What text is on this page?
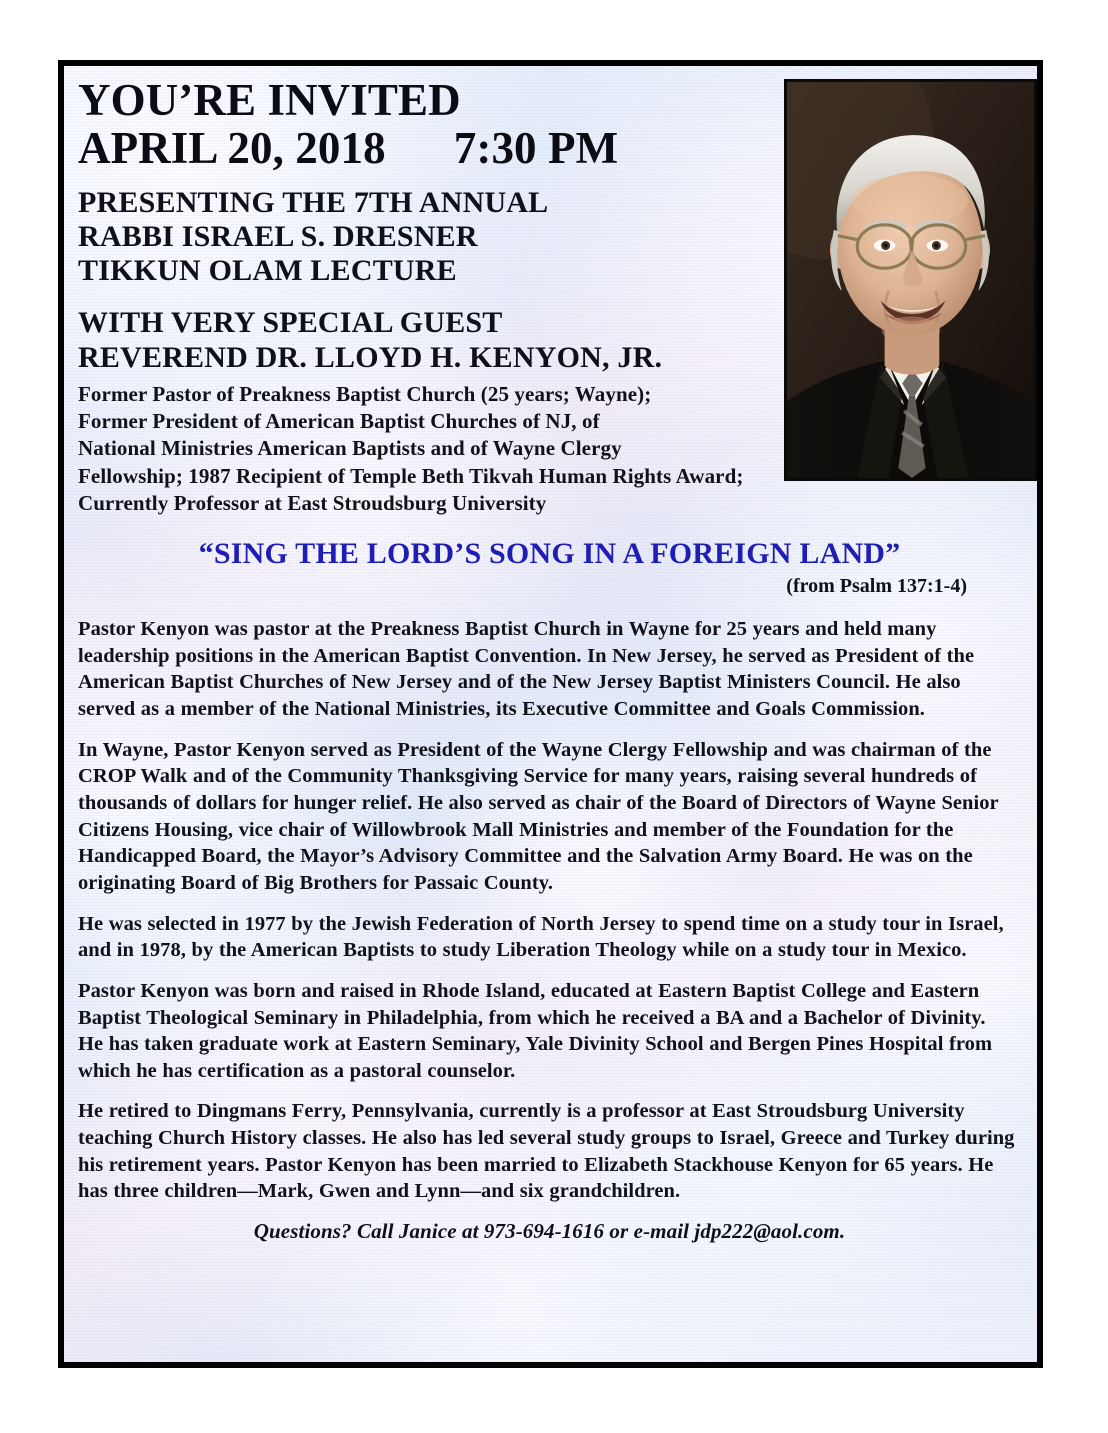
YOU’RE INVITED
APRIL 20, 2018      7:30 PM
PRESENTING THE 7TH ANNUAL
RABBI ISRAEL S. DRESNER
TIKKUN OLAM LECTURE
WITH VERY SPECIAL GUEST
REVEREND DR. LLOYD H. KENYON, JR.
Former Pastor of Preakness Baptist Church (25 years; Wayne);
Former President of American Baptist Churches of NJ, of
National Ministries American Baptists and of Wayne Clergy
Fellowship; 1987 Recipient of Temple Beth Tikvah Human Rights Award;
Currently Professor at East Stroudsburg University
“SING THE LORD’S SONG IN A FOREIGN LAND”
(from Psalm 137:1-4)

Pastor Kenyon was pastor at the Preakness Baptist Church in Wayne for 25 years and held many leadership positions in the American Baptist Convention. In New Jersey, he served as President of the American Baptist Churches of New Jersey and of the New Jersey Baptist Ministers Council. He also served as a member of the National Ministries, its Executive Committee and Goals Commission.

In Wayne, Pastor Kenyon served as President of the Wayne Clergy Fellowship and was chairman of the CROP Walk and of the Community Thanksgiving Service for many years, raising several hundreds of thousands of dollars for hunger relief. He also served as chair of the Board of Directors of Wayne Senior Citizens Housing, vice chair of Willowbrook Mall Ministries and member of the Foundation for the Handicapped Board, the Mayor’s Advisory Committee and the Salvation Army Board. He was on the originating Board of Big Brothers for Passaic County.

He was selected in 1977 by the Jewish Federation of North Jersey to spend time on a study tour in Israel, and in 1978, by the American Baptists to study Liberation Theology while on a study tour in Mexico.

Pastor Kenyon was born and raised in Rhode Island, educated at Eastern Baptist College and Eastern Baptist Theological Seminary in Philadelphia, from which he received a BA and a Bachelor of Divinity. He has taken graduate work at Eastern Seminary, Yale Divinity School and Bergen Pines Hospital from which he has certification as a pastoral counselor.

He retired to Dingmans Ferry, Pennsylvania, currently is a professor at East Stroudsburg University teaching Church History classes. He also has led several study groups to Israel, Greece and Turkey during his retirement years. Pastor Kenyon has been married to Elizabeth Stackhouse Kenyon for 65 years. He has three children—Mark, Gwen and Lynn—and six grandchildren.

Questions? Call Janice at 973-694-1616 or e-mail jdp222@aol.com.
